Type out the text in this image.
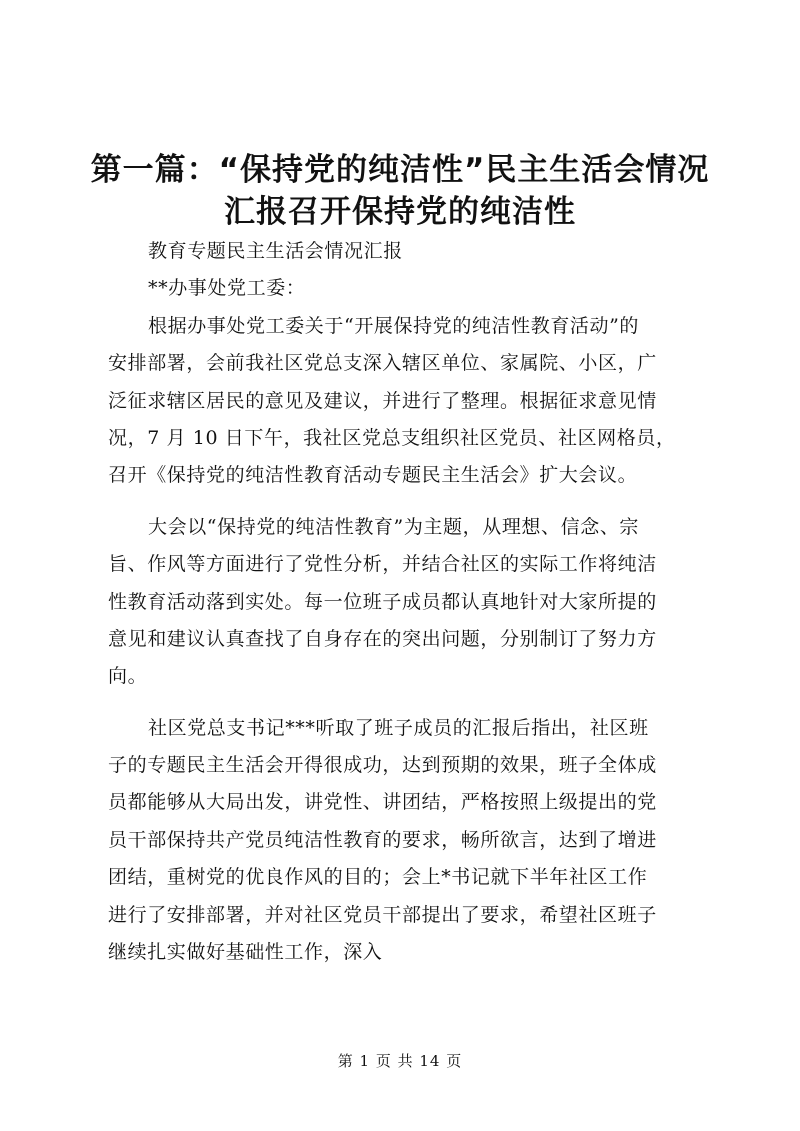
第一篇：“保持党的纯洁性”民主生活会情况
汇报召开保持党的纯洁性
教育专题民主生活会情况汇报
**办事处党工委：
根据办事处党工委关于“开展保持党的纯洁性教育活动”的
安排部署，会前我社区党总支深入辖区单位、家属院、小区，广
泛征求辖区居民的意见及建议，并进行了整理。根据征求意见情
况，7 月 10 日下午，我社区党总支组织社区党员、社区网格员，
召开《保持党的纯洁性教育活动专题民主生活会》扩大会议。
大会以“保持党的纯洁性教育”为主题，从理想、信念、宗
旨、作风等方面进行了党性分析，并结合社区的实际工作将纯洁
性教育活动落到实处。每一位班子成员都认真地针对大家所提的
意见和建议认真查找了自身存在的突出问题，分别制订了努力方
向。
社区党总支书记***听取了班子成员的汇报后指出，社区班
子的专题民主生活会开得很成功，达到预期的效果，班子全体成
员都能够从大局出发，讲党性、讲团结，严格按照上级提出的党
员干部保持共产党员纯洁性教育的要求，畅所欲言，达到了增进
团结，重树党的优良作风的目的；会上*书记就下半年社区工作
进行了安排部署，并对社区党员干部提出了要求，希望社区班子
继续扎实做好基础性工作，深入
第 1 页 共 14 页
